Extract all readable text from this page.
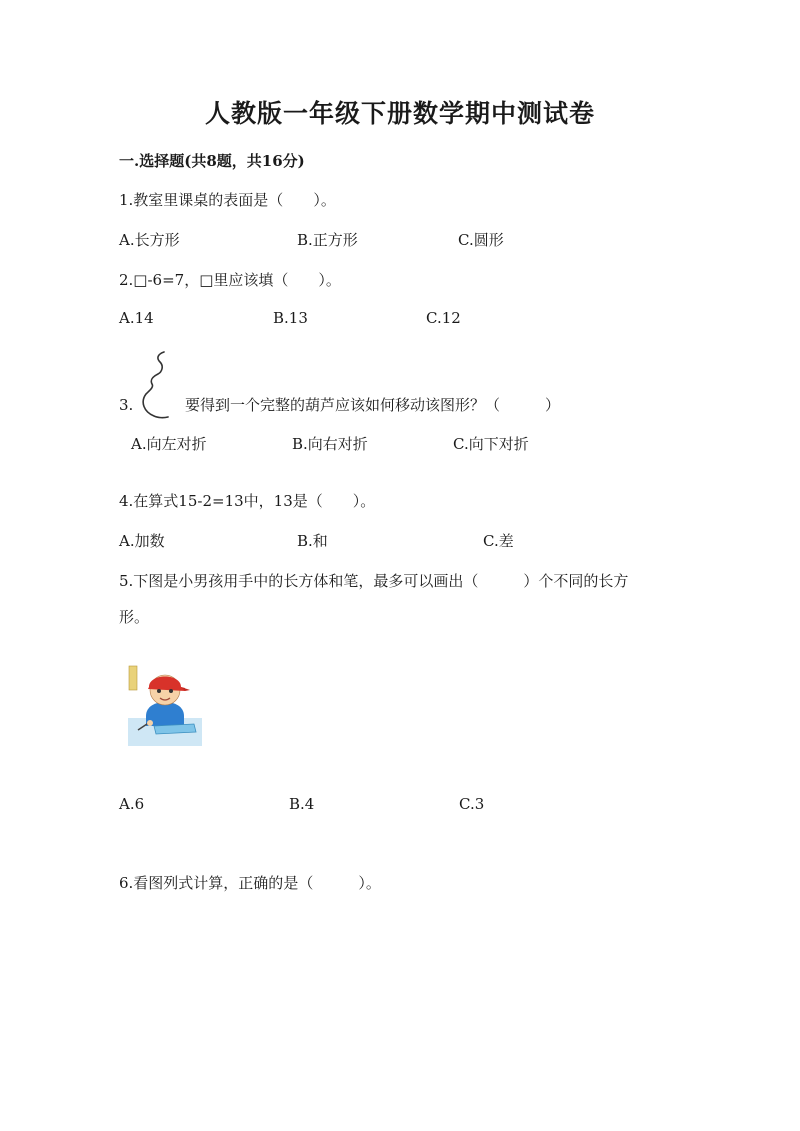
人教版一年级下册数学期中测试卷
一.选择题(共8题，共16分)
1.教室里课桌的表面是（　　）。
A.长方形	B.正方形	C.圆形
2.□-6=7，□里应该填（　　）。
A.14	B.13	C.12
3.	要得到一个完整的葫芦应该如何移动该图形？（　　　）
A.向左对折	B.向右对折	C.向下对折
4.在算式15-2=13中，13是（　　）。
A.加数	B.和	C.差
5.下图是小男孩用手中的长方体和笔，最多可以画出（　　　）个不同的长方
形。
A.6	B.4	C.3
6.看图列式计算，正确的是（　　　）。
